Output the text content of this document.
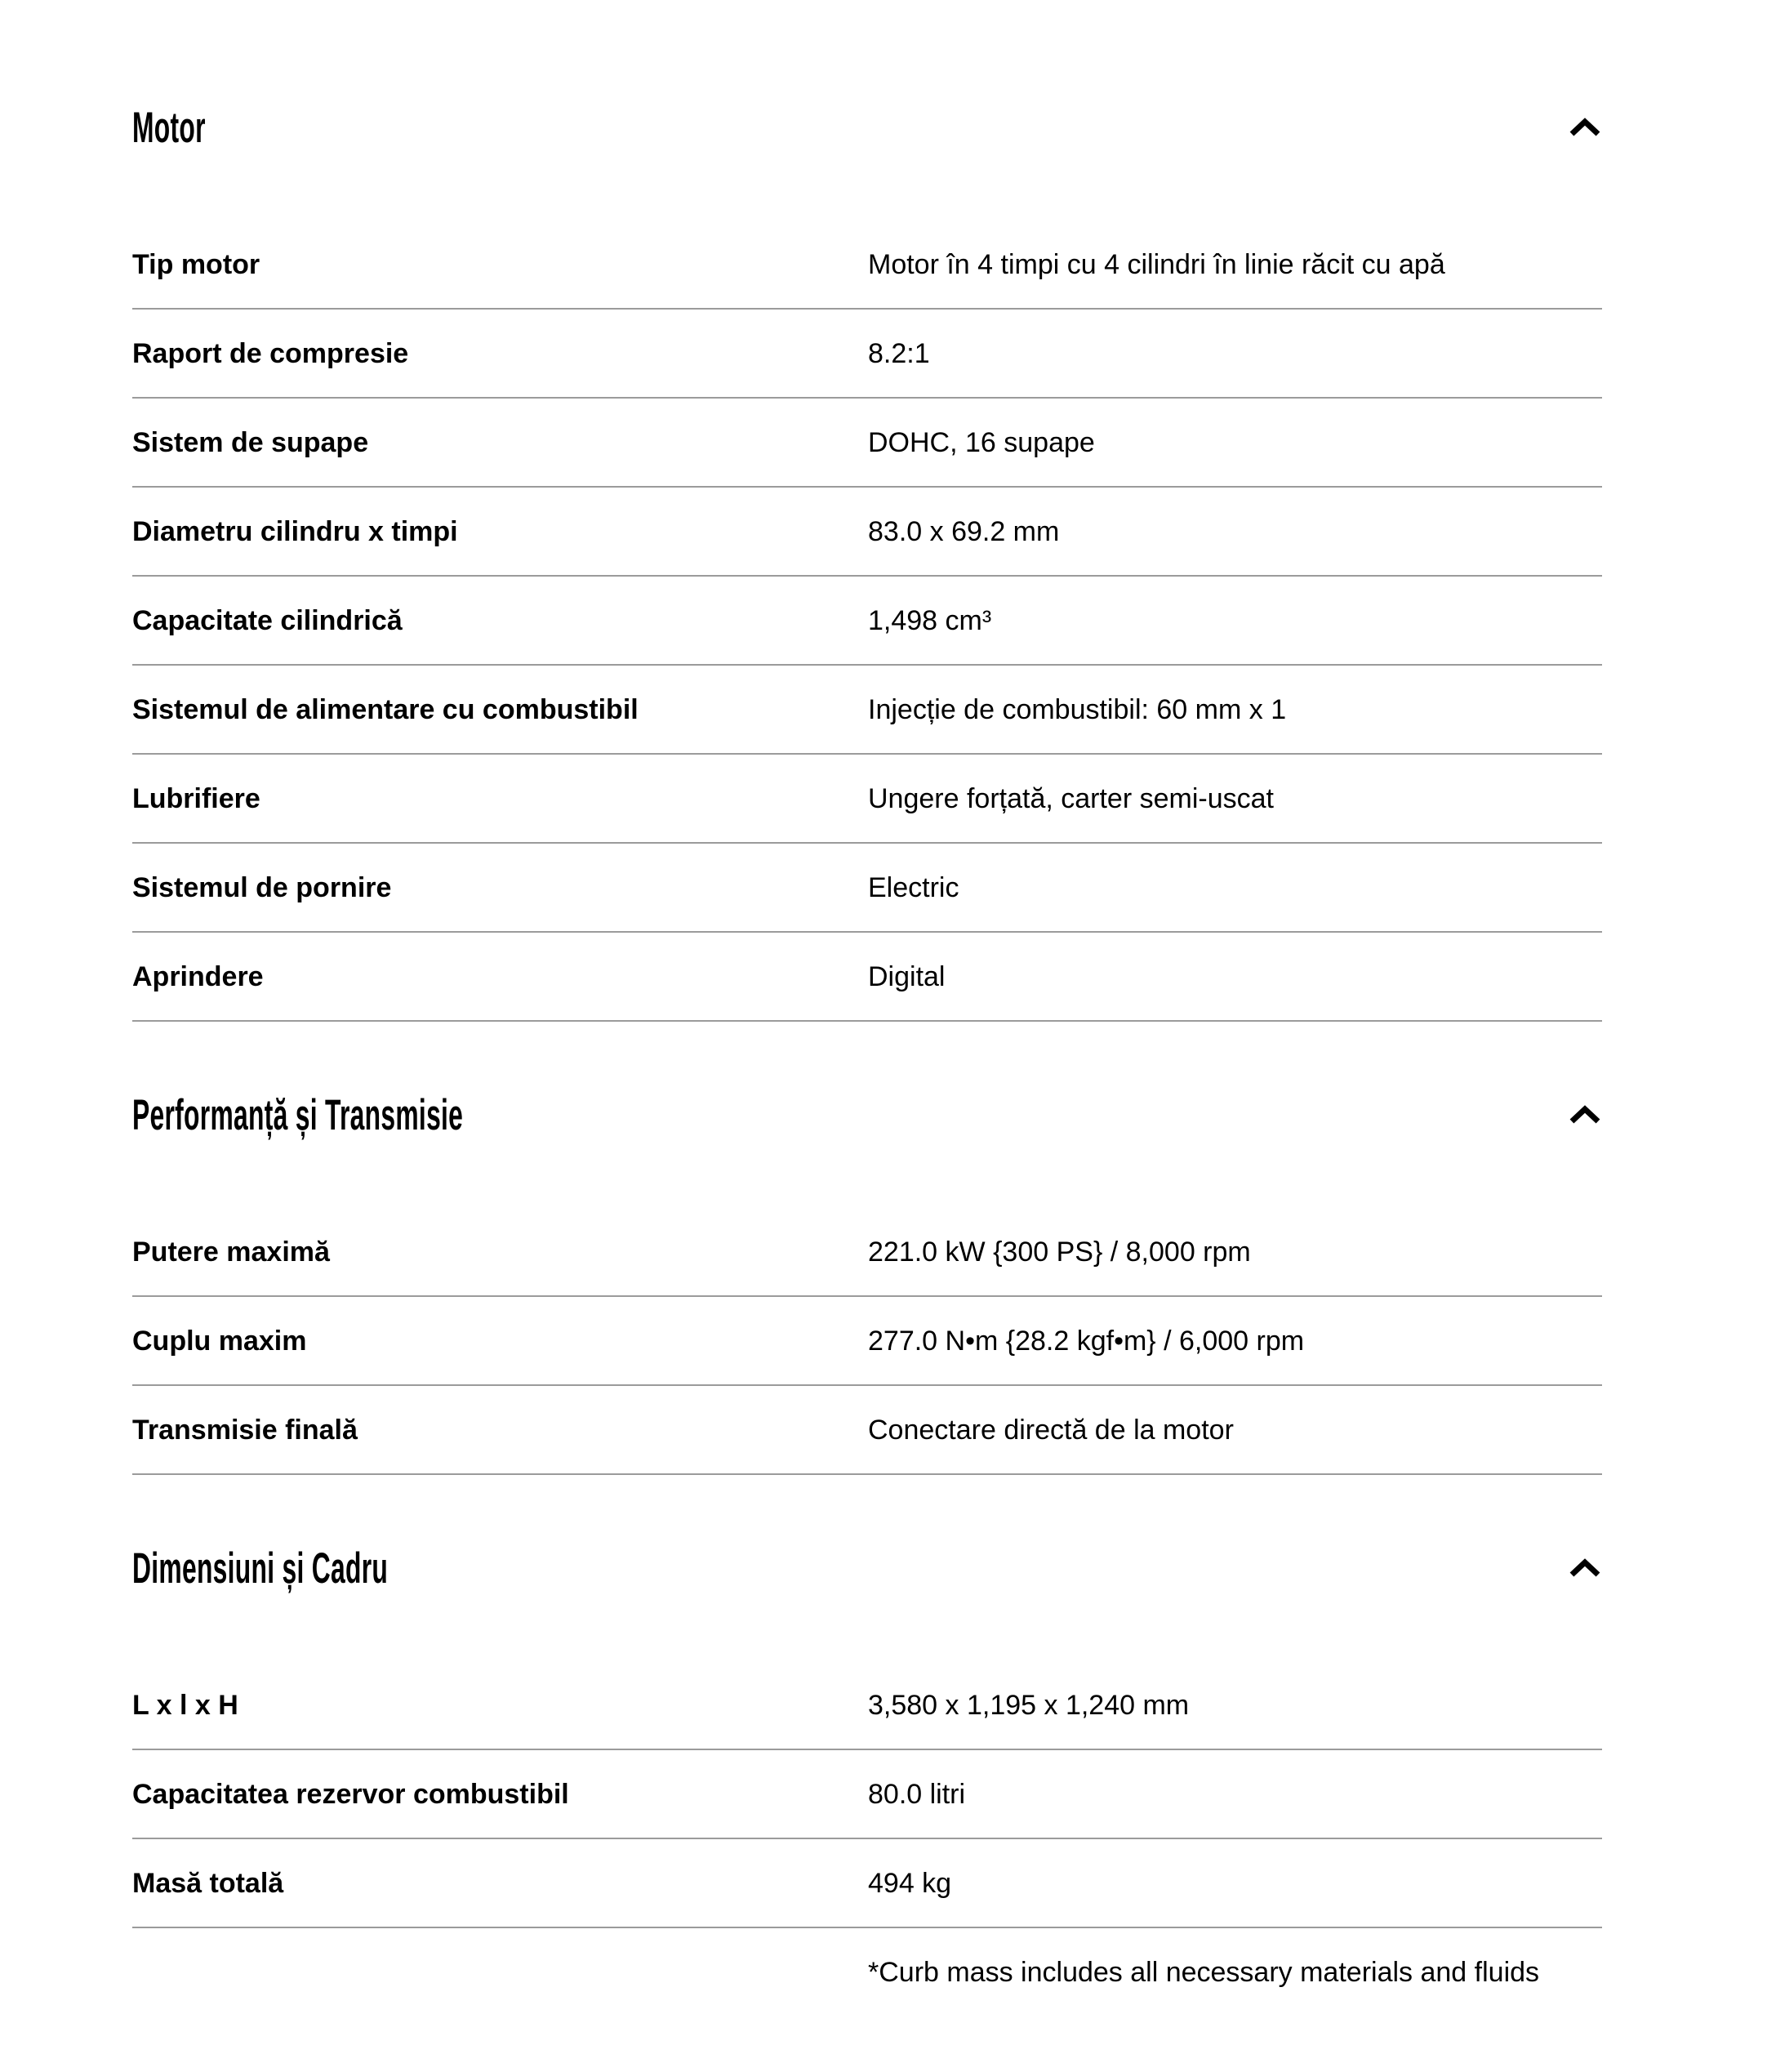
Motor
Tip motor	Motor în 4 timpi cu 4 cilindri în linie răcit cu apă
Raport de compresie	8.2:1
Sistem de supape	DOHC, 16 supape
Diametru cilindru x timpi	83.0 x 69.2 mm
Capacitate cilindrică	1,498 cm³
Sistemul de alimentare cu combustibil	Injecție de combustibil: 60 mm x 1
Lubrifiere	Ungere forțată, carter semi-uscat
Sistemul de pornire	Electric
Aprindere	Digital
Performanță și Transmisie
Putere maximă	221.0 kW {300 PS} / 8,000 rpm
Cuplu maxim	277.0 N•m {28.2 kgf•m} / 6,000 rpm
Transmisie finală	Conectare directă de la motor
Dimensiuni și Cadru
L x l x H	3,580 x 1,195 x 1,240 mm
Capacitatea rezervor combustibil	80.0 litri
Masă totală	494 kg
*Curb mass includes all necessary materials and fluids
